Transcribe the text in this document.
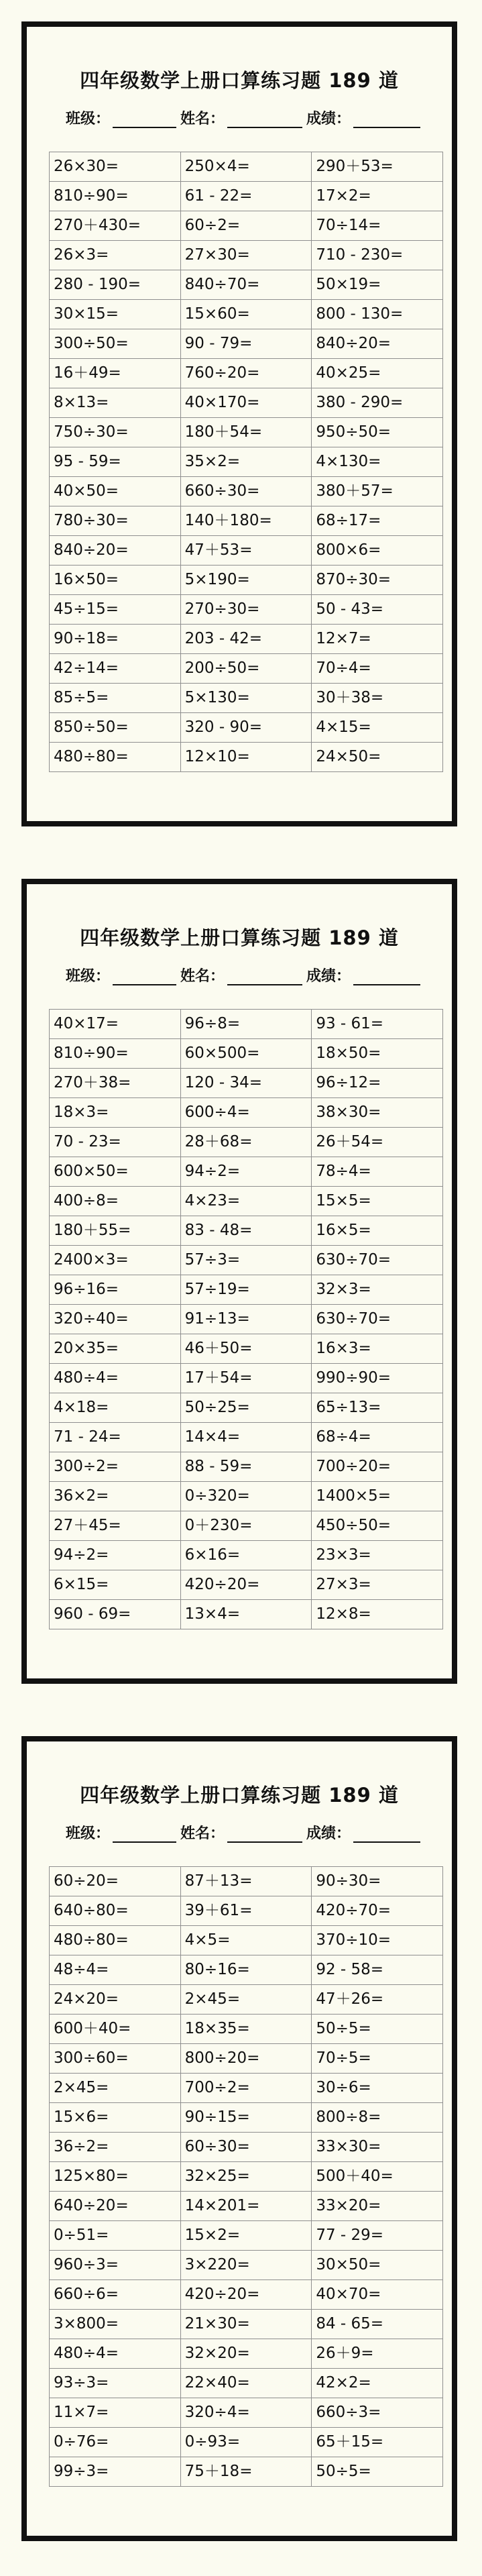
四年级数学上册口算练习题 189 道
班级：	姓名：	成绩：
26×30=	250×4=	290＋53=
810÷90=	61 - 22=	17×2=
270＋430=	60÷2=	70÷14=
26×3=	27×30=	710 - 230=
280 - 190=	840÷70=	50×19=
30×15=	15×60=	800 - 130=
300÷50=	90 - 79=	840÷20=
16＋49=	760÷20=	40×25=
8×13=	40×170=	380 - 290=
750÷30=	180＋54=	950÷50=
95 - 59=	35×2=	4×130=
40×50=	660÷30=	380＋57=
780÷30=	140＋180=	68÷17=
840÷20=	47＋53=	800×6=
16×50=	5×190=	870÷30=
45÷15=	270÷30=	50 - 43=
90÷18=	203 - 42=	12×7=
42÷14=	200÷50=	70÷4=
85÷5=	5×130=	30＋38=
850÷50=	320 - 90=	4×15=
480÷80=	12×10=	24×50=
四年级数学上册口算练习题 189 道
班级：	姓名：	成绩：
40×17=	96÷8=	93 - 61=
810÷90=	60×500=	18×50=
270＋38=	120 - 34=	96÷12=
18×3=	600÷4=	38×30=
70 - 23=	28＋68=	26＋54=
600×50=	94÷2=	78÷4=
400÷8=	4×23=	15×5=
180＋55=	83 - 48=	16×5=
2400×3=	57÷3=	630÷70=
96÷16=	57÷19=	32×3=
320÷40=	91÷13=	630÷70=
20×35=	46＋50=	16×3=
480÷4=	17＋54=	990÷90=
4×18=	50÷25=	65÷13=
71 - 24=	14×4=	68÷4=
300÷2=	88 - 59=	700÷20=
36×2=	0÷320=	1400×5=
27＋45=	0＋230=	450÷50=
94÷2=	6×16=	23×3=
6×15=	420÷20=	27×3=
960 - 69=	13×4=	12×8=
四年级数学上册口算练习题 189 道
班级：	姓名：	成绩：
60÷20=	87＋13=	90÷30=
640÷80=	39＋61=	420÷70=
480÷80=	4×5=	370÷10=
48÷4=	80÷16=	92 - 58=
24×20=	2×45=	47＋26=
600＋40=	18×35=	50÷5=
300÷60=	800÷20=	70÷5=
2×45=	700÷2=	30÷6=
15×6=	90÷15=	800÷8=
36÷2=	60÷30=	33×30=
125×80=	32×25=	500＋40=
640÷20=	14×201=	33×20=
0÷51=	15×2=	77 - 29=
960÷3=	3×220=	30×50=
660÷6=	420÷20=	40×70=
3×800=	21×30=	84 - 65=
480÷4=	32×20=	26＋9=
93÷3=	22×40=	42×2=
11×7=	320÷4=	660÷3=
0÷76=	0÷93=	65＋15=
99÷3=	75＋18=	50÷5=
